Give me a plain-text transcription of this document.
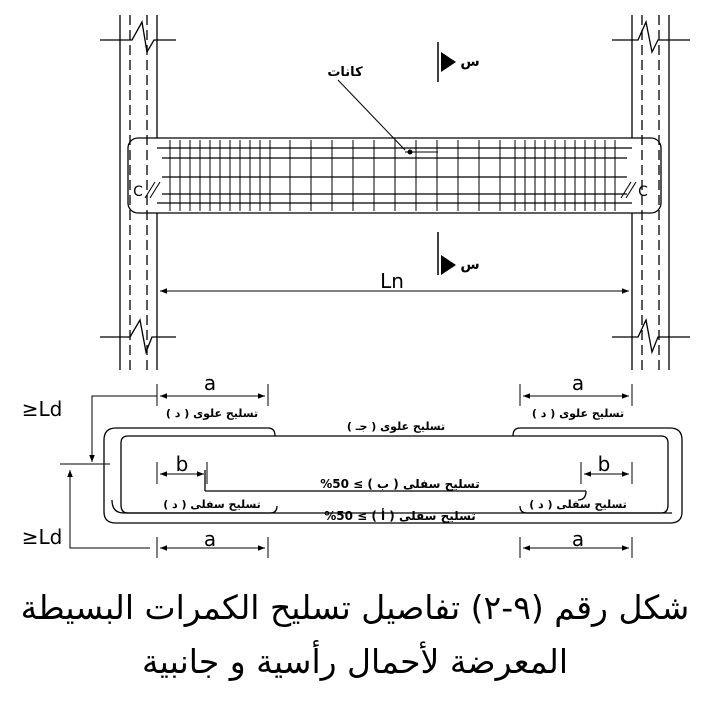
كانات
C	C
س
س
Ln
a	a
b	b
a	a
≥Ld
≥Ld
تسليح علوى ( د )	تسليح علوى ( د )
تسليح علوى ( جـ )
تسليح سفلى ( ب ) ≥ 50%
تسليح سفلى ( د )	تسليح سفلى ( د )
تسليح سفلى ( أ ) ≥ 50%
شكل رقم (٩-٢) تفاصيل تسليح الكمرات البسيطة
المعرضة لأحمال رأسية و جانبية
